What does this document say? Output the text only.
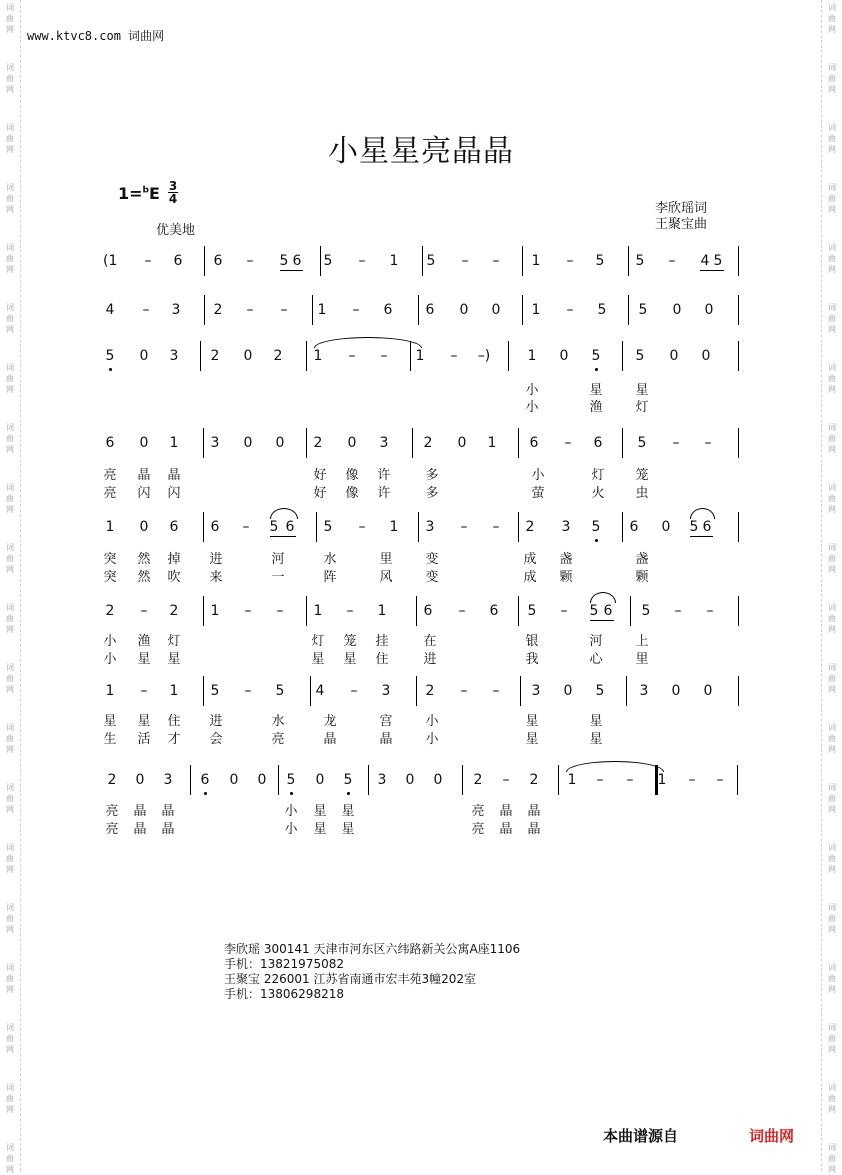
词
曲
网
词
曲
网
词
曲
网
词
曲
网
词
曲
网
词
曲
网
词
曲
网
词
曲
网
词
曲
网
词
曲
网
词
曲
网
词
曲
网
词
曲
网
词
曲
网
词
曲
网
词
曲
网
词
曲
网
词
曲
网
词
曲
网
词
曲
网
词
曲
网
词
曲
网
词
曲
网
词
曲
网
词
曲
网
词
曲
网
词
曲
网
词
曲
网
词
曲
网
词
曲
网
词
曲
网
词
曲
网
词
曲
网
词
曲
网
词
曲
网
词
曲
网
词
曲
网
词
曲
网
词
曲
网
词
曲
网
www.ktvc8.com 词曲网
小星星亮晶晶
1=$^b$E 3
4
优美地
李欣瑶词
王聚宝曲
(1 – 6 6 – 5 6 5 – 1 5 – – 1 – 5 5 – 4 5
4 – 3 2 – – 1 – 6 6 0 0 1 – 5 5 0 0
5 0 3 2 0 2 1 – – 1 – –)	1 0 5	5 0 0
小	星	星
小	渔	灯
6 0 1 3 0 0 2 0 3	2 0 1 6 – 6	5 – –
亮 晶 晶	好 像 许	多	小	灯 笼
亮 闪 闪	好 像 许	多	萤	火 虫
1 0 6 6 – 5 6 5 – 1 3 – – 2 3 5 6 0 5 6
突 然 掉 进	河	水	里	变	成 盏	盏
突 然 吹 来	一	阵	风	变	成 颗	颗
2 – 2 1 – – 1 – 1	6 – 6 5 – 5 6 5 – –
小 渔 灯	灯 笼 挂	在	银	河	上
小 星 星	星 星 住	进	我	心	里
1 – 1 5 – 5 4 – 3	2 – – 3 0 5	3 0 0
星 星 住 进	水	龙	宫	小	星	星
生 活 才 会	亮	晶	晶	小	星	星
2 0 3 6 0 0 5 0 5 3 0 0 2 – 2 1 – – 1 – –
亮 晶 晶	小 星 星	亮 晶 晶
亮 晶 晶	小 星 星	亮 晶 晶
李欣瑶 300141 天津市河东区六纬路新关公寓A座1106
手机：13821975082
王聚宝 226001 江苏省南通市宏丰苑3幢202室
手机：13806298218
本曲谱源自	词曲网
